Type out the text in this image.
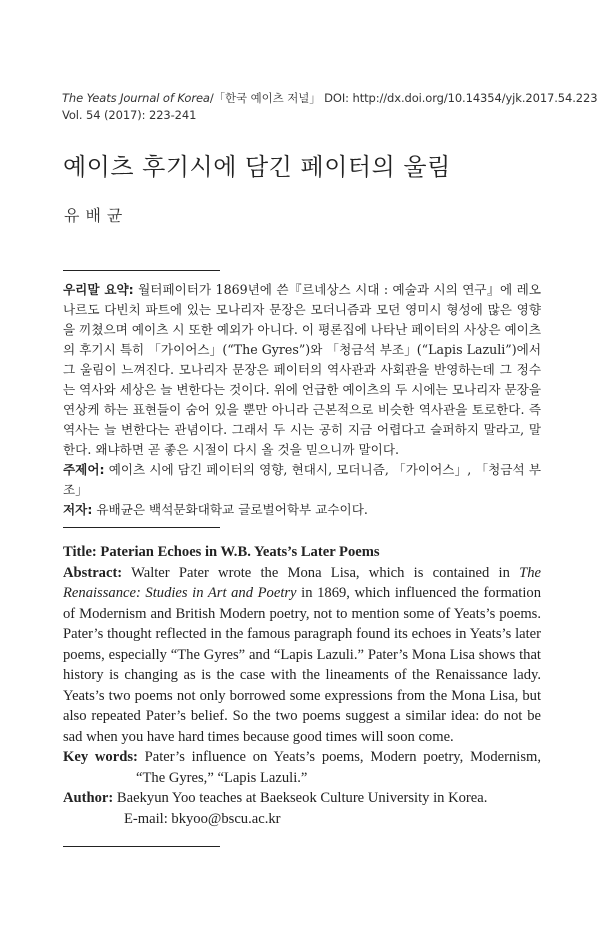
The Yeats Journal of Korea/「한국 예이츠 저널」 DOI: http://dx.doi.org/10.14354/yjk.2017.54.223
Vol. 54 (2017): 223-241
예이츠 후기시에 담긴 페이터의 울림
유배균

우리말 요약: 월터페이터가 1869년에 쓴『르네상스 시대 : 예술과 시의 연구』에 레오나르도 다빈치 파트에 있는 모나리자 문장은 모더니즘과 모던 영미시 형성에 많은 영향을 끼쳤으며 예이츠 시 또한 예외가 아니다. 이 평론집에 나타난 페이터의 사상은 예이츠의 후기시 특히 「가이어스」(“The Gyres”)와 「청금석 부조」(“Lapis Lazuli”)에서 그 울림이 느껴진다. 모나리자 문장은 페이터의 역사관과 사회관을 반영하는데 그 정수는 역사와 세상은 늘 변한다는 것이다. 위에 언급한 예이츠의 두 시에는 모나리자 문장을 연상케 하는 표현들이 숨어 있을 뿐만 아니라 근본적으로 비슷한 역사관을 토로한다. 즉 역사는 늘 변한다는 관념이다. 그래서 두 시는 공히 지금 어렵다고 슬퍼하지 말라고, 말한다. 왜냐하면 곧 좋은 시절이 다시 올 것을 믿으니까 말이다.

주제어: 예이츠 시에 담긴 페이터의 영향, 현대시, 모더니즘, 「가이어스」, 「청금석 부조」

저자: 유배균은 백석문화대학교 글로벌어학부 교수이다.

Title: Paterian Echoes in W.B. Yeats’s Later Poems

Abstract: Walter Pater wrote the Mona Lisa, which is contained in The Renaissance: Studies in Art and Poetry in 1869, which influenced the formation of Modernism and British Modern poetry, not to mention some of Yeats’s poems. Pater’s thought reflected in the famous paragraph found its echoes in Yeats’s later poems, especially “The Gyres” and “Lapis Lazuli.” Pater’s Mona Lisa shows that history is changing as is the case with the lineaments of the Renaissance lady. Yeats’s two poems not only borrowed some expressions from the Mona Lisa, but also repeated Pater’s belief. So the two poems suggest a similar idea: do not be sad when you have hard times because good times will soon come.

Key words: Pater’s influence on Yeats’s poems, Modern poetry, Modernism, “The Gyres,” “Lapis Lazuli.”

Author: Baekyun Yoo teaches at Baekseok Culture University in Korea.
E-mail: bkyoo@bscu.ac.kr
